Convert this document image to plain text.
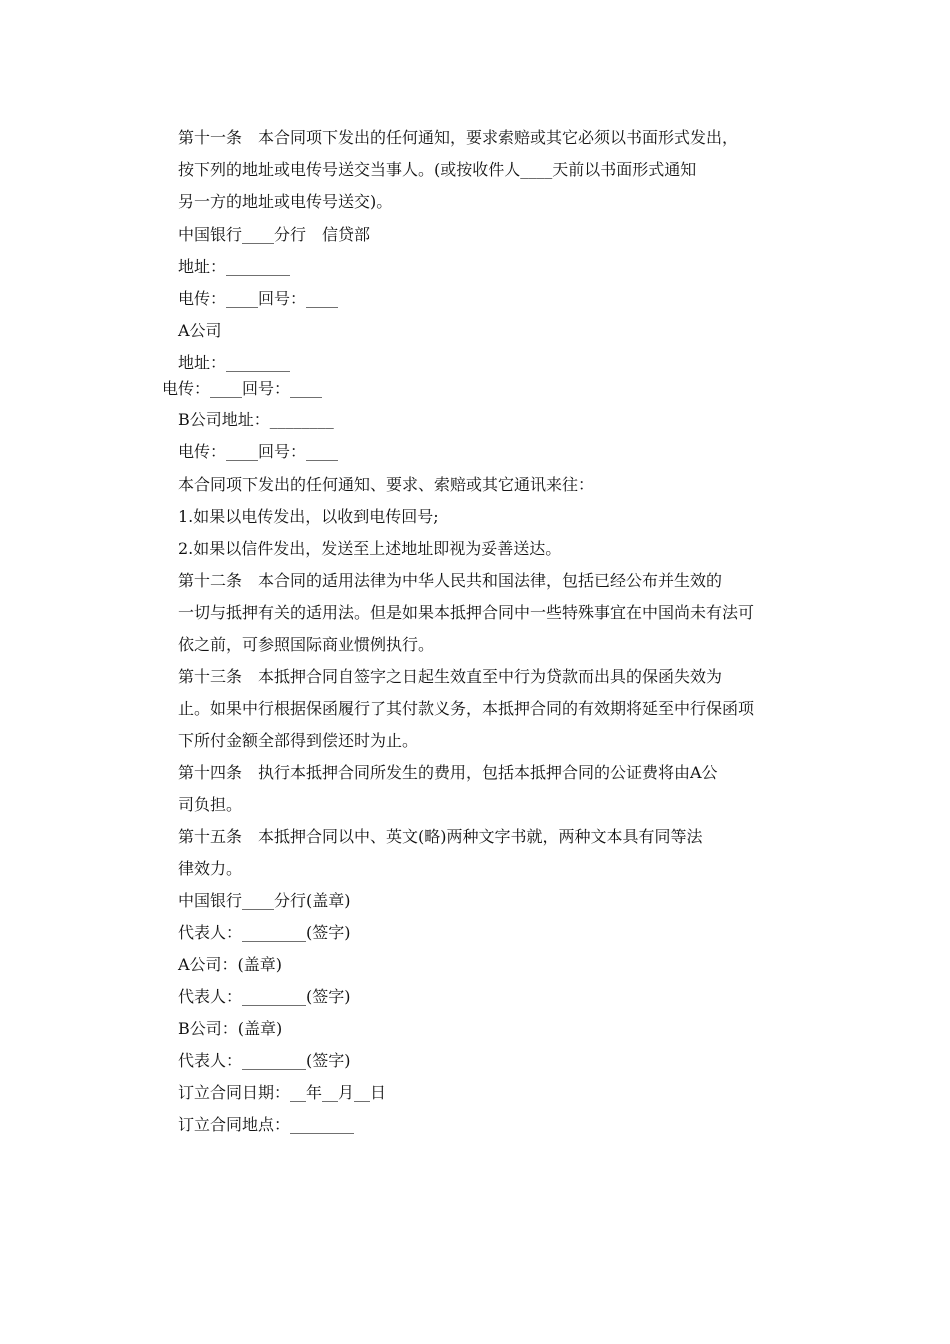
第十一条　本合同项下发出的任何通知，要求索赔或其它必须以书面形式发出，

按下列的地址或电传号送交当事人。(或按收件人____天前以书面形式通知

另一方的地址或电传号送交)。

中国银行____分行　信贷部

地址：________

电传：____回号：____

A公司

地址：________

电传：____回号：____

B公司地址：________

电传：____回号：____

本合同项下发出的任何通知、要求、索赔或其它通讯来往：

1.如果以电传发出，以收到电传回号;

2.如果以信件发出，发送至上述地址即视为妥善送达。

第十二条　本合同的适用法律为中华人民共和国法律，包括已经公布并生效的

一切与抵押有关的适用法。但是如果本抵押合同中一些特殊事宜在中国尚未有法可

依之前，可参照国际商业惯例执行。

第十三条　本抵押合同自签字之日起生效直至中行为贷款而出具的保函失效为

止。如果中行根据保函履行了其付款义务，本抵押合同的有效期将延至中行保函项

下所付金额全部得到偿还时为止。

第十四条　执行本抵押合同所发生的费用，包括本抵押合同的公证费将由A公

司负担。

第十五条　本抵押合同以中、英文(略)两种文字书就，两种文本具有同等法

律效力。

中国银行____分行(盖章)

代表人：________(签字)

A公司：(盖章)

代表人：________(签字)

B公司：(盖章)

代表人：________(签字)

订立合同日期：__年__月__日

订立合同地点：________
